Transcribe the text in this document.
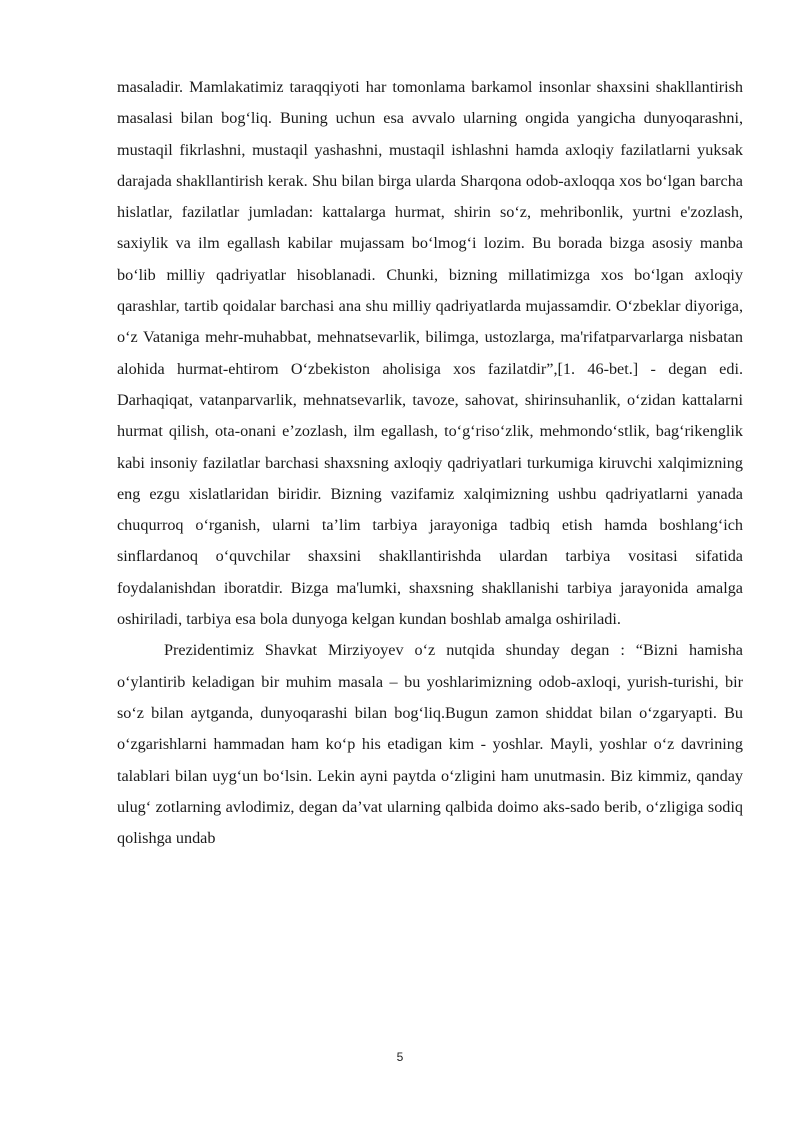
masaladir. Mamlakatimiz taraqqiyoti har tomonlama barkamol insonlar shaxsini shakllantirish masalasi bilan bog‘liq. Buning uchun esa avvalo ularning ongida yangicha dunyoqarashni, mustaqil fikrlashni, mustaqil yashashni, mustaqil ishlashni hamda axloqiy fazilatlarni yuksak darajada shakllantirish kerak. Shu bilan birga ularda Sharqona odob-axloqqa xos bo‘lgan barcha hislatlar, fazilatlar jumladan: kattalarga hurmat, shirin so‘z, mehribonlik, yurtni e'zozlash, saxiylik va ilm egallash kabilar mujassam bo‘lmog‘i lozim. Bu borada bizga asosiy manba bo‘lib milliy qadriyatlar hisoblanadi. Chunki, bizning millatimizga xos bo‘lgan axloqiy qarashlar, tartib qoidalar barchasi ana shu milliy qadriyatlarda mujassamdir. O‘zbeklar diyoriga, o‘z Vataniga mehr-muhabbat, mehnatsevarlik, bilimga, ustozlarga, ma'rifatparvarlarga nisbatan alohida hurmat-ehtirom O‘zbekiston aholisiga xos fazilatdir”,[1. 46-bet.] - degan edi. Darhaqiqat, vatanparvarlik, mehnatsevarlik, tavoze, sahovat, shirinsuhanlik, o‘zidan kattalarni hurmat qilish, ota-onani e’zozlash, ilm egallash, to‘g‘riso‘zlik, mehmondo‘stlik, bag‘rikenglik kabi insoniy fazilatlar barchasi shaxsning axloqiy qadriyatlari turkumiga kiruvchi xalqimizning eng ezgu xislatlaridan biridir. Bizning vazifamiz xalqimizning ushbu qadriyatlarni yanada chuqurroq o‘rganish, ularni ta’lim tarbiya jarayoniga tadbiq etish hamda boshlang‘ich sinflardanoq o‘quvchilar shaxsini shakllantirishda ulardan tarbiya vositasi sifatida foydalanishdan iboratdir. Bizga ma'lumki, shaxsning shakllanishi tarbiya jarayonida amalga oshiriladi, tarbiya esa bola dunyoga kelgan kundan boshlab amalga oshiriladi.

Prezidentimiz Shavkat Mirziyoyev o‘z nutqida shunday degan : “Bizni hamisha o‘ylantirib keladigan bir muhim masala – bu yoshlarimizning odob-axloqi, yurish-turishi, bir so‘z bilan aytganda, dunyoqarashi bilan bog‘liq.Bugun zamon shiddat bilan o‘zgaryapti. Bu o‘zgarishlarni hammadan ham ko‘p his etadigan kim - yoshlar. Mayli, yoshlar o‘z davrining talablari bilan uyg‘un bo‘lsin. Lekin ayni paytda o‘zligini ham unutmasin. Biz kimmiz, qanday ulug‘ zotlarning avlodimiz, degan da’vat ularning qalbida doimo aks-sado berib, o‘zligiga sodiq qolishga undab

5
